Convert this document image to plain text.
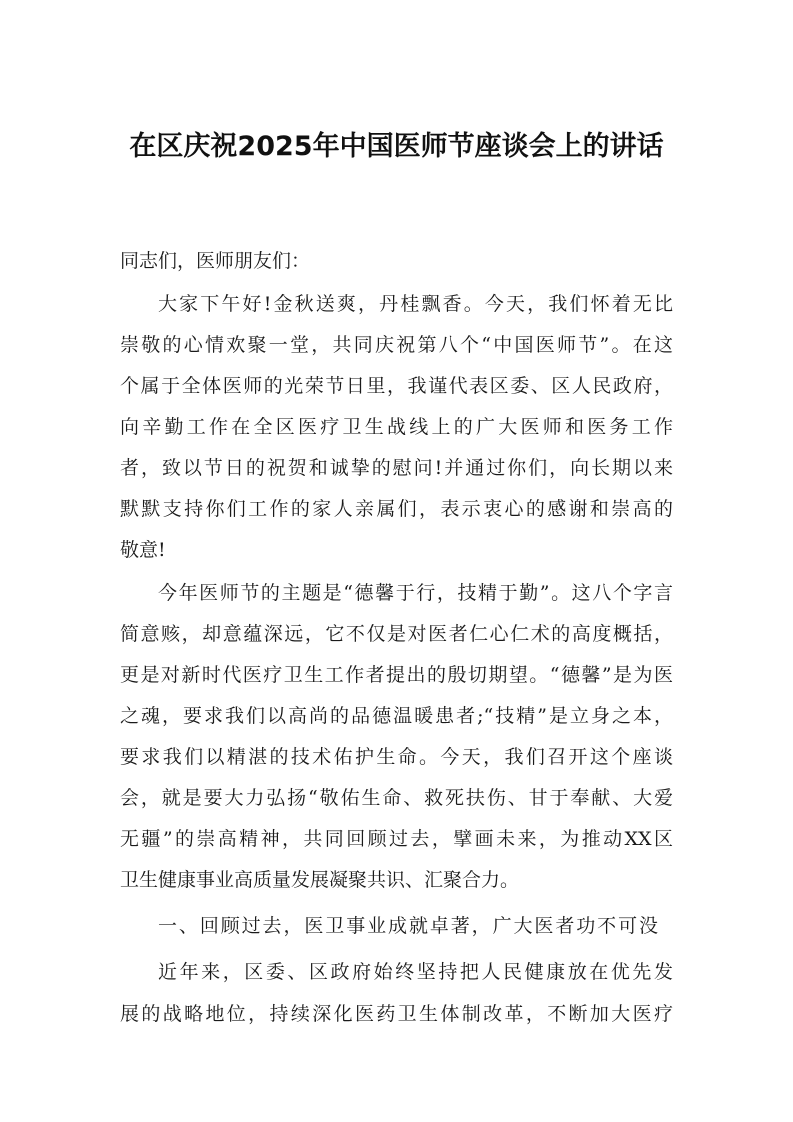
在区庆祝2025年中国医师节座谈会上的讲话
同志们，医师朋友们：
大家下午好!金秋送爽，丹桂飘香。今天，我们怀着无比
崇敬的心情欢聚一堂，共同庆祝第八个“中国医师节”。在这
个属于全体医师的光荣节日里，我谨代表区委、区人民政府，
向辛勤工作在全区医疗卫生战线上的广大医师和医务工作
者，致以节日的祝贺和诚挚的慰问!并通过你们，向长期以来
默默支持你们工作的家人亲属们，表示衷心的感谢和崇高的
敬意!
今年医师节的主题是“德馨于行，技精于勤”。这八个字言
简意赅，却意蕴深远，它不仅是对医者仁心仁术的高度概括，
更是对新时代医疗卫生工作者提出的殷切期望。“德馨”是为医
之魂，要求我们以高尚的品德温暖患者;“技精”是立身之本，
要求我们以精湛的技术佑护生命。今天，我们召开这个座谈
会，就是要大力弘扬“敬佑生命、救死扶伤、甘于奉献、大爱
无疆”的崇高精神，共同回顾过去，擘画未来，为推动XX区
卫生健康事业高质量发展凝聚共识、汇聚合力。
一、回顾过去，医卫事业成就卓著，广大医者功不可没
近年来，区委、区政府始终坚持把人民健康放在优先发
展的战略地位，持续深化医药卫生体制改革，不断加大医疗
